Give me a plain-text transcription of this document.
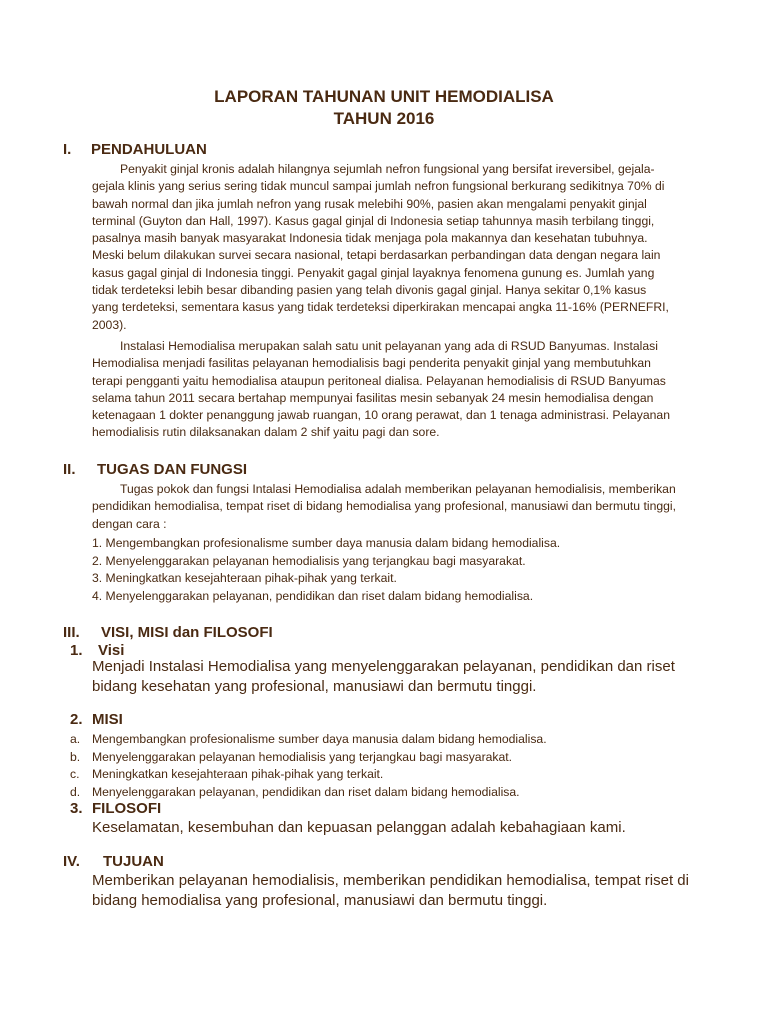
LAPORAN TAHUNAN UNIT HEMODIALISA
TAHUN 2016
I. PENDAHULUAN

Penyakit ginjal kronis adalah hilangnya sejumlah nefron fungsional yang bersifat ireversibel, gejala-gejala klinis yang serius sering tidak muncul sampai jumlah nefron fungsional berkurang sedikitnya 70% di bawah normal dan jika jumlah nefron yang rusak melebihi 90%, pasien akan mengalami penyakit ginjal terminal (Guyton dan Hall, 1997). Kasus gagal ginjal di Indonesia setiap tahunnya masih terbilang tinggi, pasalnya masih banyak masyarakat Indonesia tidak menjaga pola makannya dan kesehatan tubuhnya. Meski belum dilakukan survei secara nasional, tetapi berdasarkan perbandingan data dengan negara lain kasus gagal ginjal di Indonesia tinggi. Penyakit gagal ginjal layaknya fenomena gunung es. Jumlah yang tidak terdeteksi lebih besar dibanding pasien yang telah divonis gagal ginjal. Hanya sekitar 0,1% kasus yang terdeteksi, sementara kasus yang tidak terdeteksi diperkirakan mencapai angka 11-16% (PERNEFRI, 2003).

Instalasi Hemodialisa merupakan salah satu unit pelayanan yang ada di RSUD Banyumas. Instalasi Hemodialisa menjadi fasilitas pelayanan hemodialisis bagi penderita penyakit ginjal yang membutuhkan terapi pengganti yaitu hemodialisa ataupun peritoneal dialisa. Pelayanan hemodialisis di RSUD Banyumas selama tahun 2011 secara bertahap mempunyai fasilitas mesin sebanyak 24 mesin hemodialisa dengan ketenagaan 1 dokter penanggung jawab ruangan, 10 orang perawat, dan 1 tenaga administrasi. Pelayanan hemodialisis rutin dilaksanakan dalam 2 shif yaitu pagi dan sore.

II. TUGAS DAN FUNGSI

Tugas pokok dan fungsi Intalasi Hemodialisa adalah memberikan pelayanan hemodialisis, memberikan pendidikan hemodialisa, tempat riset di bidang hemodialisa yang profesional, manusiawi dan bermutu tinggi, dengan cara :

1. Mengembangkan profesionalisme sumber daya manusia dalam bidang hemodialisa.
2. Menyelenggarakan pelayanan hemodialisis yang terjangkau bagi masyarakat.
3. Meningkatkan kesejahteraan pihak-pihak yang terkait.
4. Menyelenggarakan pelayanan, pendidikan dan riset dalam bidang hemodialisa.
III. VISI, MISI dan FILOSOFI
1. Visi

Menjadi Instalasi Hemodialisa yang menyelenggarakan pelayanan, pendidikan dan riset bidang kesehatan yang profesional, manusiawi dan bermutu tinggi.

2. MISI
a. Mengembangkan profesionalisme sumber daya manusia dalam bidang hemodialisa.
b. Menyelenggarakan pelayanan hemodialisis yang terjangkau bagi masyarakat.
c. Meningkatkan kesejahteraan pihak-pihak yang terkait.
d. Menyelenggarakan pelayanan, pendidikan dan riset dalam bidang hemodialisa.
3. FILOSOFI

Keselamatan, kesembuhan dan kepuasan pelanggan adalah kebahagiaan kami.

IV. TUJUAN

Memberikan pelayanan hemodialisis, memberikan pendidikan hemodialisa, tempat riset di bidang hemodialisa yang profesional, manusiawi dan bermutu tinggi.
